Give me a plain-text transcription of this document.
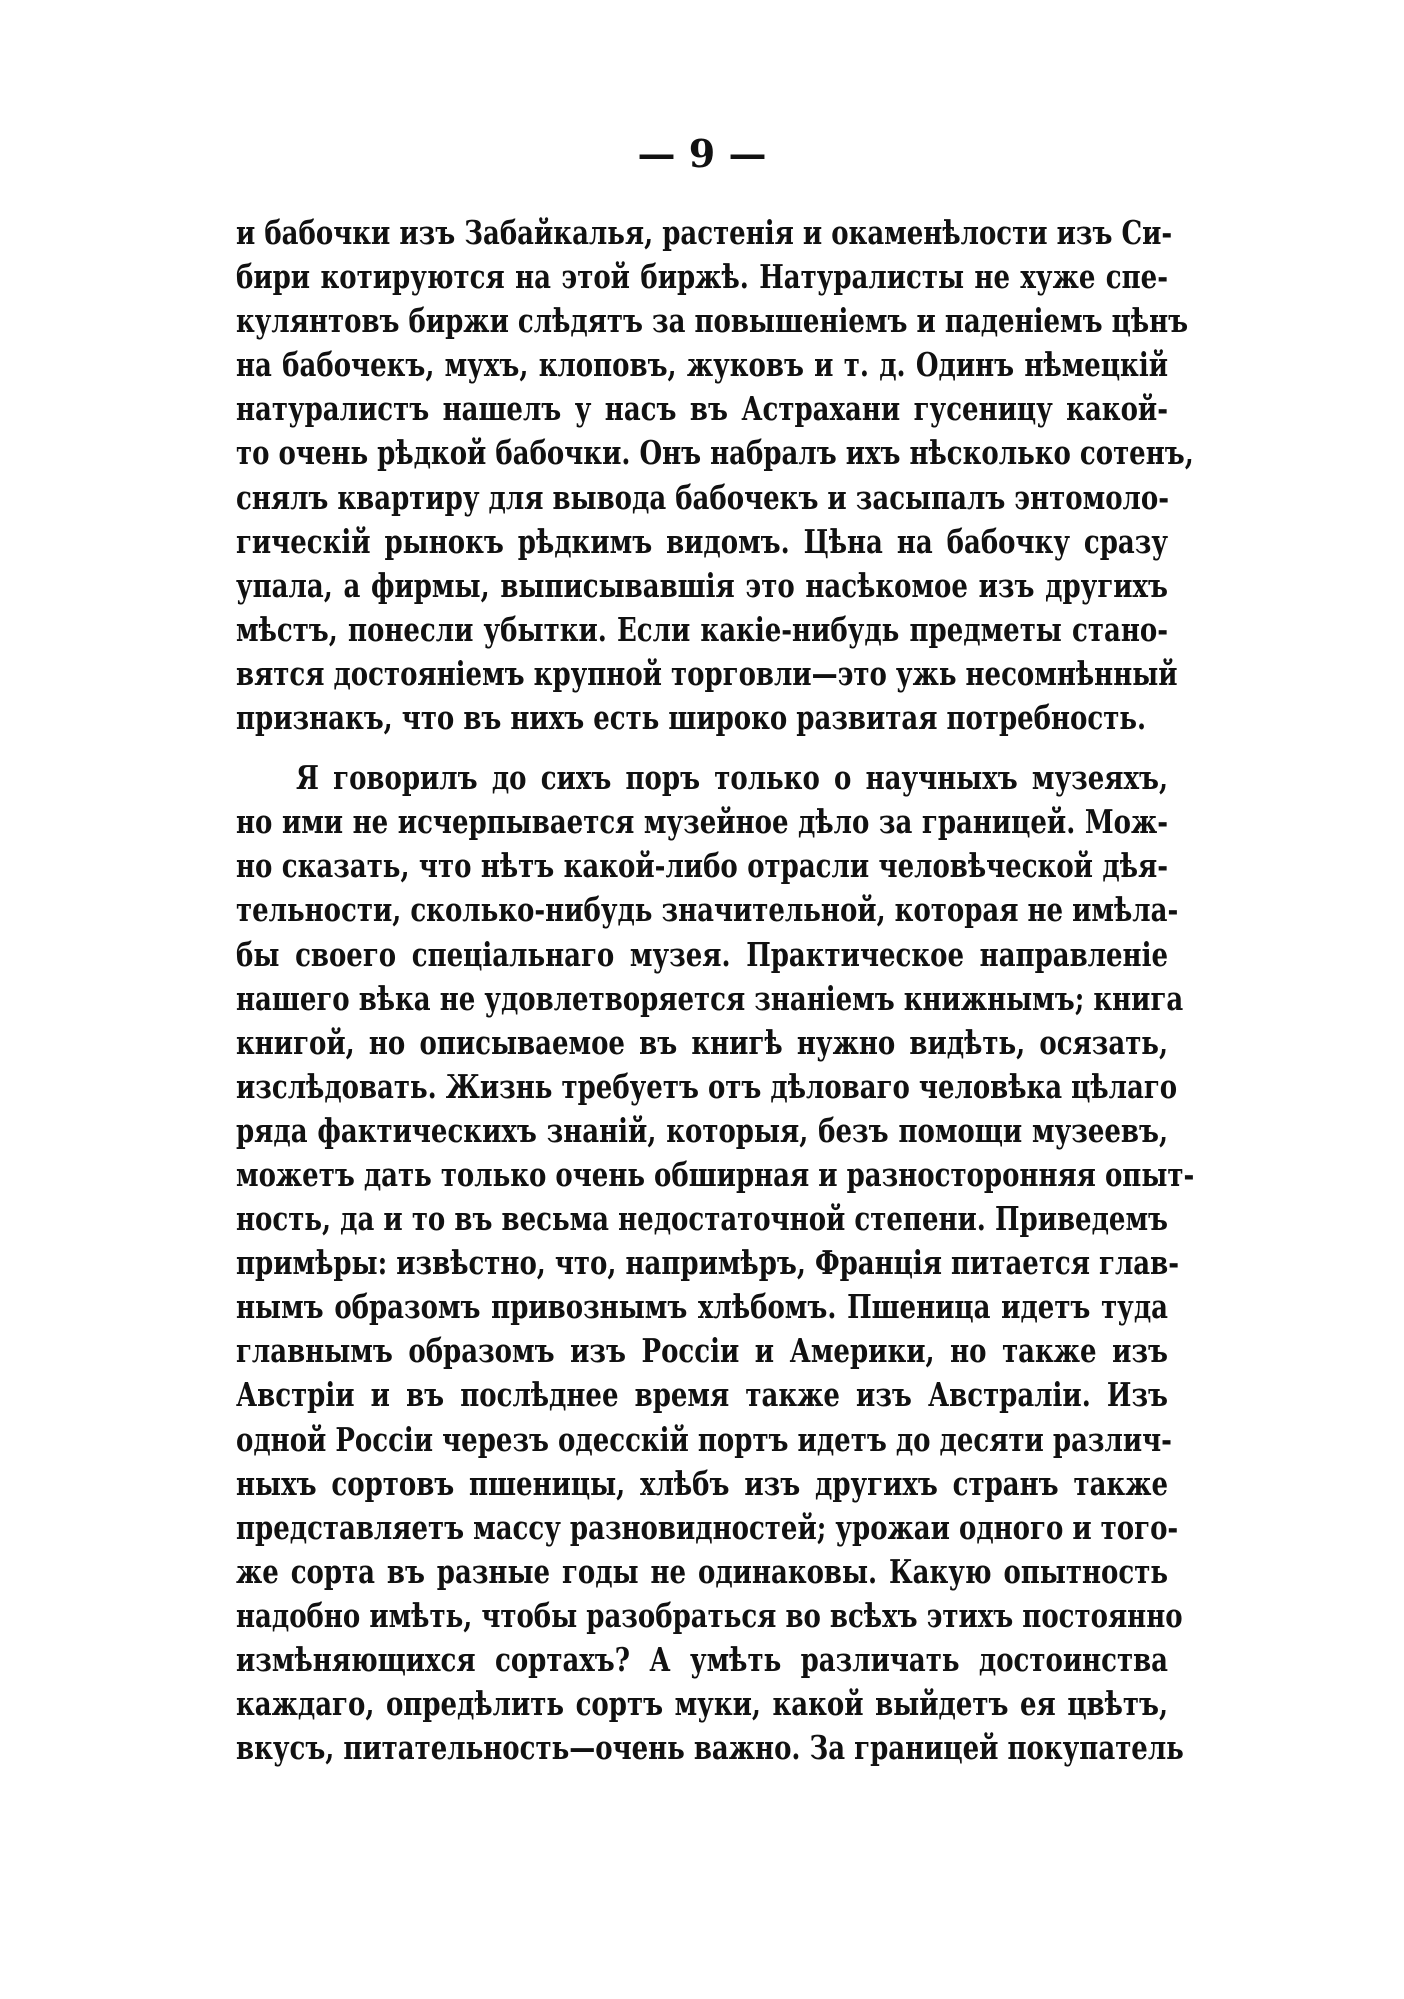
— 9 —
и бабочки изъ Забайкалья, растенія и окаменѣлости изъ Си-
бири котируются на этой биржѣ. Натуралисты не хуже спе-
кулянтовъ биржи слѣдятъ за повышеніемъ и паденіемъ цѣнъ
на бабочекъ, мухъ, клоповъ, жуковъ и т. д. Одинъ нѣмецкій
натуралистъ нашелъ у насъ въ Астрахани гусеницу какой-
то очень рѣдкой бабочки. Онъ набралъ ихъ нѣсколько сотенъ,
снялъ квартиру для вывода бабочекъ и засыпалъ энтомоло-
гическій рынокъ рѣдкимъ видомъ. Цѣна на бабочку сразу
упала, а фирмы, выписывавшія это насѣкомое изъ другихъ
мѣстъ, понесли убытки. Если какіе-нибудь предметы стано-
вятся достояніемъ крупной торговли—это ужь несомнѣнный
признакъ, что въ нихъ есть широко развитая потребность.
Я говорилъ до сихъ поръ только о научныхъ музеяхъ,
но ими не исчерпывается музейное дѣло за границей. Мож-
но сказать, что нѣтъ какой-либо отрасли человѣческой дѣя-
тельности, сколько-нибудь значительной, которая не имѣла-
бы своего спеціальнаго музея. Практическое направленіе
нашего вѣка не удовлетворяется знаніемъ книжнымъ; книга
книгой, но описываемое въ книгѣ нужно видѣть, осязать,
изслѣдовать. Жизнь требуетъ отъ дѣловаго человѣка цѣлаго
ряда фактическихъ знаній, которыя, безъ помощи музеевъ,
можетъ дать только очень обширная и разносторонняя опыт-
ность, да и то въ весьма недостаточной степени. Приведемъ
примѣры: извѣстно, что, напримѣръ, Франція питается глав-
нымъ образомъ привознымъ хлѣбомъ. Пшеница идетъ туда
главнымъ образомъ изъ Россіи и Америки, но также изъ
Австріи и въ послѣднее время также изъ Австраліи. Изъ
одной Россіи черезъ одесскій портъ идетъ до десяти различ-
ныхъ сортовъ пшеницы, хлѣбъ изъ другихъ странъ также
представляетъ массу разновидностей; урожаи одного и того-
же сорта въ разные годы не одинаковы. Какую опытность
надобно имѣть, чтобы разобраться во всѣхъ этихъ постоянно
измѣняющихся сортахъ? А умѣть различать достоинства
каждаго, опредѣлить сортъ муки, какой выйдетъ ея цвѣтъ,
вкусъ, питательность—очень важно. За границей покупатель
